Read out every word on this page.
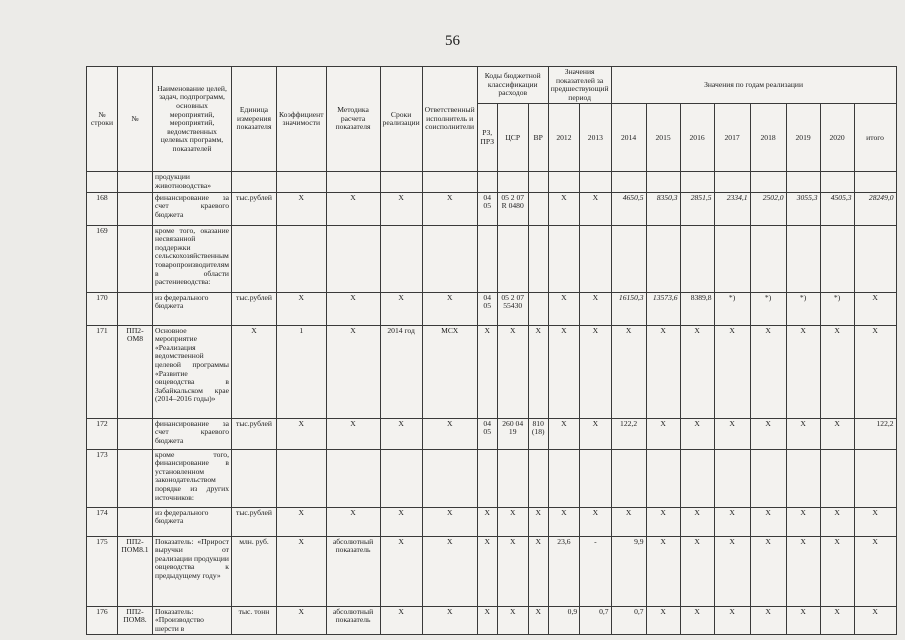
56
№ строки	№	Наименование целей, задач, подпрограмм, основных мероприятий, мероприятий, ведомственных целевых программ, показателей	Единица измерения показателя	Коэффициент значимости	Методика расчета показателя	Сроки реализации	Ответственный исполнитель и соисполнители	Коды бюджетной классификации расходов			Значения показателей за предшествующий период		Значения по годам реализации							
								РЗ, ПРЗ	ЦСР	ВР	2012	2013	2014	2015	2016	2017	2018	2019	2020	итого
		продукции животноводства»																		
168		финансирование за счет краевого бюджета	тыс.рублей	Х	Х	Х	Х	04 05	05 2 07 R 0480		Х	Х	4650,5	8350,3	2851,5	2334,1	2502,0	3055,3	4505,3	28249,0
169		кроме того, оказание несвязанной поддержки сельскохозяйственным товаропроизводителям в области растениеводства:																		
170		из федерального бюджета	тыс.рублей	Х	Х	Х	Х	04 05	05 2 07 55430		Х	Х	16150,3	13573,6	8389,8	*)	*)	*)	*)	Х
171	ПП2-ОМ8	Основное мероприятие «Реализация ведомственной целевой программы «Развитие овцеводства в Забайкальском крае (2014–2016 годы)»	Х	1	Х	2014 год	МСХ	Х	Х	Х	Х	Х	Х	Х	Х	Х	Х	Х	Х	Х
172		финансирование за счет краевого бюджета	тыс.рублей	Х	Х	Х	Х	04 05	260 04 19	810 (18)	Х	Х	122,2	Х	Х	Х	Х	Х	Х	122,2
173		кроме того, финансирование в установленном законодательством порядке из других источников:																		
174		из федерального бюджета	тыс.рублей	Х	Х	Х	Х	Х	Х	Х	Х	Х	Х	Х	Х	Х	Х	Х	Х	Х
175	ПП2-ПОМ8.1	Показатель: «Прирост выручки от реализации продукции овцеводства к предыдущему году»	млн. руб.	Х	абсолютный показатель	Х	Х	Х	Х	Х	23,6	-	9,9	Х	Х	Х	Х	Х	Х	Х
176	ПП2-ПОМ8.	Показатель: «Производство шерсти в	тыс. тонн	Х	абсолютный показатель	Х	Х	Х	Х	Х	0,9	0,7	0,7	Х	Х	Х	Х	Х	Х	Х
